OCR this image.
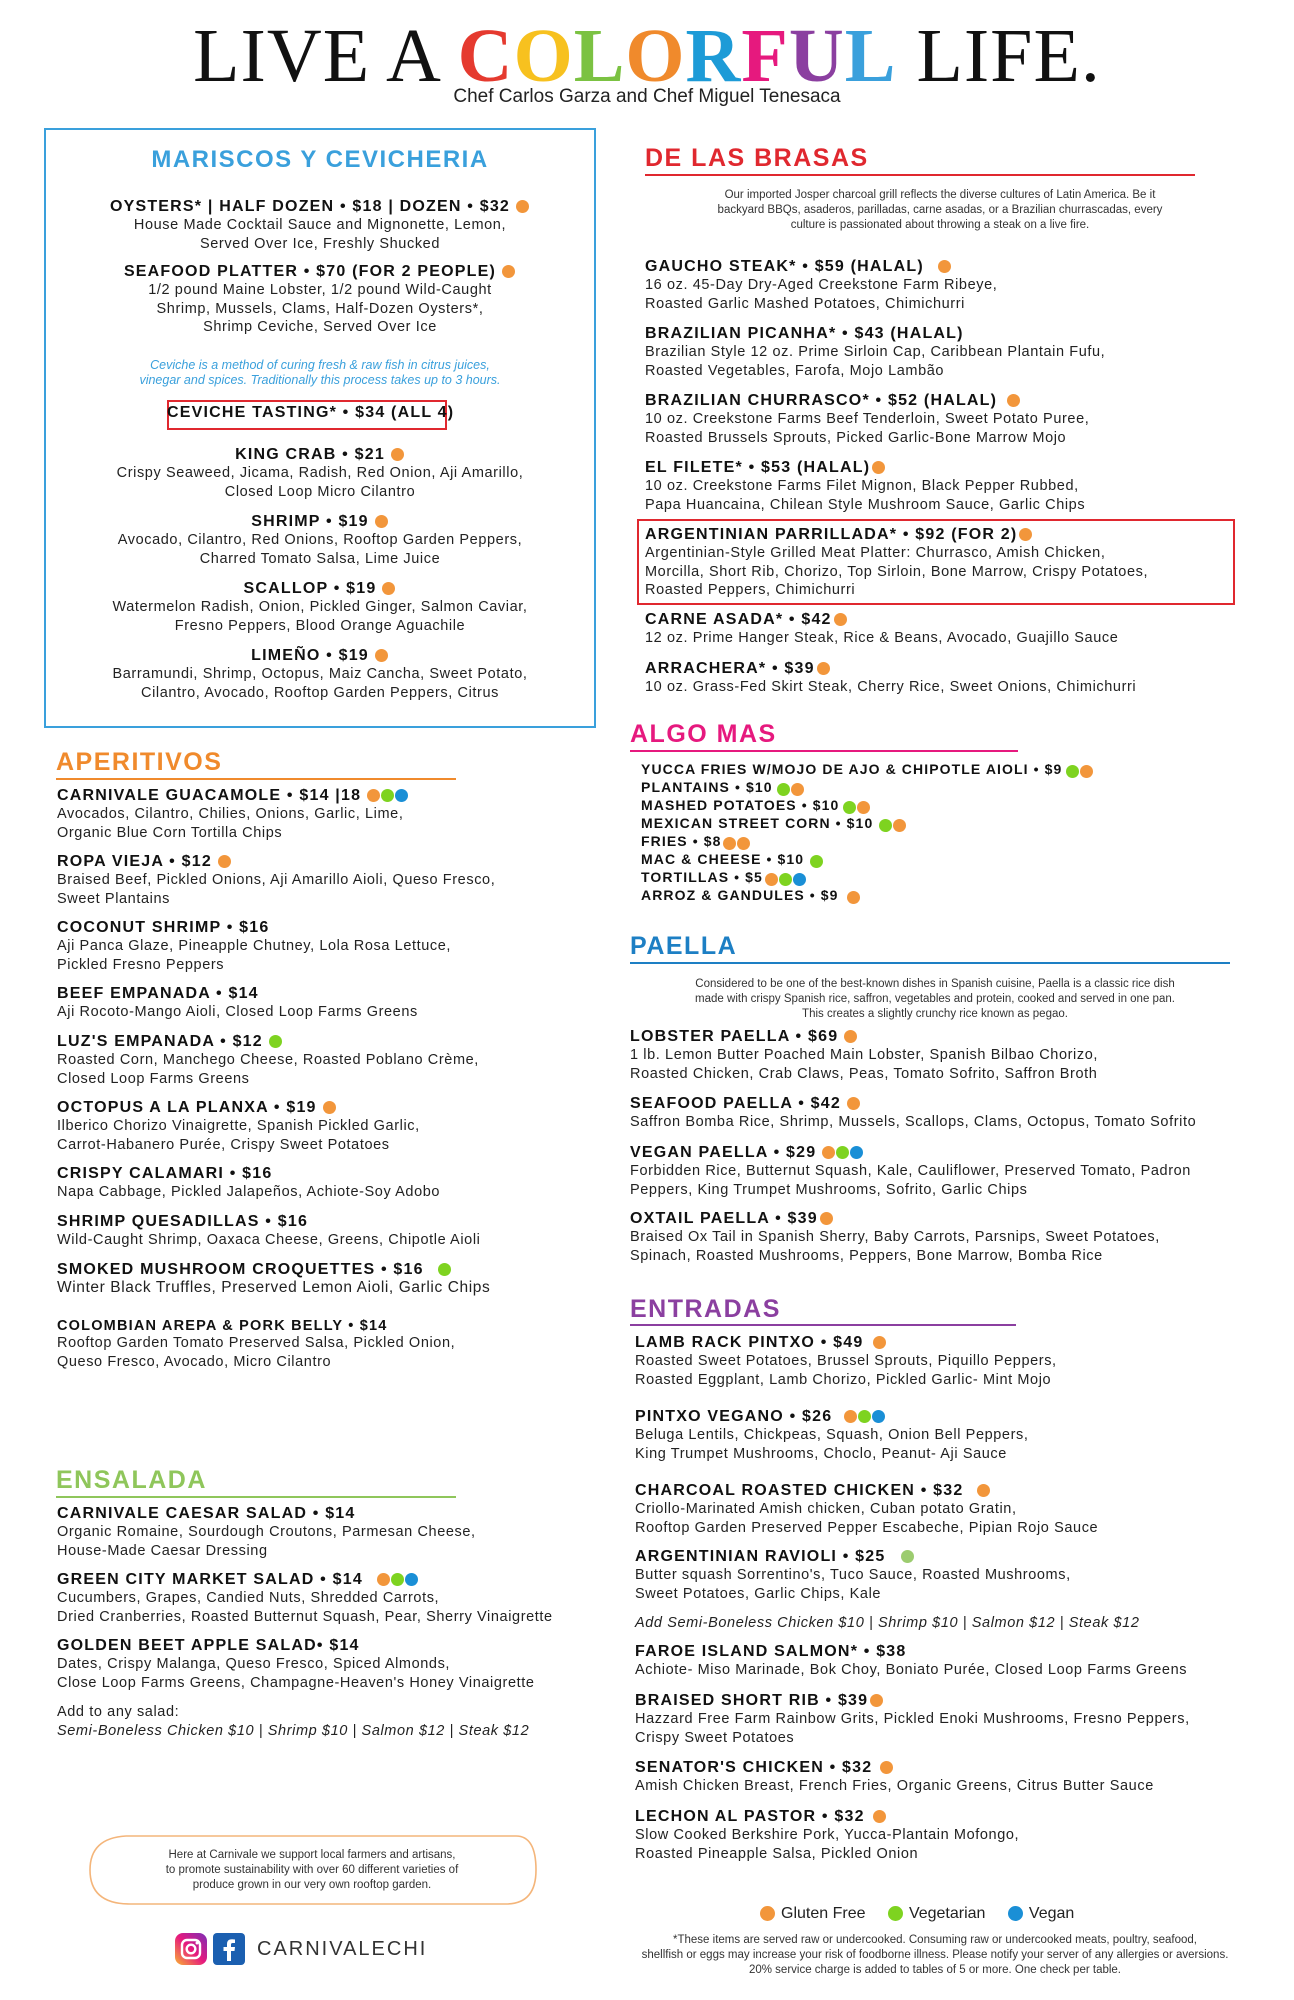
LIVE A COLORFUL LIFE.
Chef Carlos Garza and Chef Miguel Tenesaca
MARISCOS Y CEVICHERIA
OYSTERS* | HALF DOZEN • $18 | DOZEN • $32
House Made Cocktail Sauce and Mignonette, Lemon,
Served Over Ice, Freshly Shucked
SEAFOOD PLATTER • $70 (FOR 2 PEOPLE)
1/2 pound Maine Lobster, 1/2 pound Wild-Caught
Shrimp, Mussels, Clams, Half-Dozen Oysters*,
Shrimp Ceviche, Served Over Ice
Ceviche is a method of curing fresh & raw fish in citrus juices,
vinegar and spices. Traditionally this process takes up to 3 hours.
CEVICHE TASTING* • $34 (ALL 4)
KING CRAB • $21
Crispy Seaweed, Jicama, Radish, Red Onion, Aji Amarillo,
Closed Loop Micro Cilantro
SHRIMP • $19
Avocado, Cilantro, Red Onions, Rooftop Garden Peppers,
Charred Tomato Salsa, Lime Juice
SCALLOP • $19
Watermelon Radish, Onion, Pickled Ginger, Salmon Caviar,
Fresno Peppers, Blood Orange Aguachile
LIMEÑO • $19
Barramundi, Shrimp, Octopus, Maiz Cancha, Sweet Potato,
Cilantro, Avocado, Rooftop Garden Peppers, Citrus
APERITIVOS
CARNIVALE GUACAMOLE • $14 |18
Avocados, Cilantro, Chilies, Onions, Garlic, Lime,
Organic Blue Corn Tortilla Chips
ROPA VIEJA • $12
Braised Beef, Pickled Onions, Aji Amarillo Aioli, Queso Fresco,
Sweet Plantains
COCONUT SHRIMP • $16
Aji Panca Glaze, Pineapple Chutney, Lola Rosa Lettuce,
Pickled Fresno Peppers
BEEF EMPANADA • $14
Aji Rocoto-Mango Aioli, Closed Loop Farms Greens
LUZ'S EMPANADA • $12
Roasted Corn, Manchego Cheese, Roasted Poblano Crème,
Closed Loop Farms Greens
OCTOPUS A LA PLANXA • $19
Ilberico Chorizo Vinaigrette, Spanish Pickled Garlic,
Carrot-Habanero Purée, Crispy Sweet Potatoes
CRISPY CALAMARI • $16
Napa Cabbage, Pickled Jalapeños, Achiote-Soy Adobo
SHRIMP QUESADILLAS • $16
Wild-Caught Shrimp, Oaxaca Cheese, Greens, Chipotle Aioli
SMOKED MUSHROOM CROQUETTES • $16
Winter Black Truffles, Preserved Lemon Aioli, Garlic Chips
COLOMBIAN AREPA & PORK BELLY • $14
Rooftop Garden Tomato Preserved Salsa, Pickled Onion,
Queso Fresco, Avocado, Micro Cilantro
ENSALADA
CARNIVALE CAESAR SALAD • $14
Organic Romaine, Sourdough Croutons, Parmesan Cheese,
House-Made Caesar Dressing
GREEN CITY MARKET SALAD • $14
Cucumbers, Grapes, Candied Nuts, Shredded Carrots,
Dried Cranberries, Roasted Butternut Squash, Pear, Sherry Vinaigrette
GOLDEN BEET APPLE SALAD• $14
Dates, Crispy Malanga, Queso Fresco, Spiced Almonds,
Close Loop Farms Greens, Champagne-Heaven's Honey Vinaigrette
Add to any salad:
Semi-Boneless Chicken $10 | Shrimp $10 | Salmon $12 | Steak $12
Here at Carnivale we support local farmers and artisans,
to promote sustainability with over 60 different varieties of
produce grown in our very own rooftop garden.
CARNIVALECHI
DE LAS BRASAS
Our imported Josper charcoal grill reflects the diverse cultures of Latin America. Be it
backyard BBQs, asaderos, parilladas, carne asadas, or a Brazilian churrascadas, every
culture is passionated about throwing a steak on a live fire.
GAUCHO STEAK* • $59 (HALAL)
16 oz. 45-Day Dry-Aged Creekstone Farm Ribeye,
Roasted Garlic Mashed Potatoes, Chimichurri
BRAZILIAN PICANHA* • $43 (HALAL)
Brazilian Style 12 oz. Prime Sirloin Cap, Caribbean Plantain Fufu,
Roasted Vegetables, Farofa, Mojo Lambão
BRAZILIAN CHURRASCO* • $52 (HALAL)
10 oz. Creekstone Farms Beef Tenderloin, Sweet Potato Puree,
Roasted Brussels Sprouts, Picked Garlic-Bone Marrow Mojo
EL FILETE* • $53 (HALAL)
10 oz. Creekstone Farms Filet Mignon, Black Pepper Rubbed,
Papa Huancaina, Chilean Style Mushroom Sauce, Garlic Chips
ARGENTINIAN PARRILLADA* • $92 (FOR 2)
Argentinian-Style Grilled Meat Platter: Churrasco, Amish Chicken,
Morcilla, Short Rib, Chorizo, Top Sirloin, Bone Marrow, Crispy Potatoes,
Roasted Peppers, Chimichurri
CARNE ASADA* • $42
12 oz. Prime Hanger Steak, Rice & Beans, Avocado, Guajillo Sauce
ARRACHERA* • $39
10 oz. Grass-Fed Skirt Steak, Cherry Rice, Sweet Onions, Chimichurri
ALGO MAS
YUCCA FRIES W/MOJO DE AJO & CHIPOTLE AIOLI • $9
PLANTAINS • $10
MASHED POTATOES • $10
MEXICAN STREET CORN • $10
FRIES • $8
MAC & CHEESE • $10
TORTILLAS • $5
ARROZ & GANDULES • $9
PAELLA
Considered to be one of the best-known dishes in Spanish cuisine, Paella is a classic rice dish
made with crispy Spanish rice, saffron, vegetables and protein, cooked and served in one pan.
This creates a slightly crunchy rice known as pegao.
LOBSTER PAELLA • $69
1 lb. Lemon Butter Poached Main Lobster, Spanish Bilbao Chorizo,
Roasted Chicken, Crab Claws, Peas, Tomato Sofrito, Saffron Broth
SEAFOOD PAELLA • $42
Saffron Bomba Rice, Shrimp, Mussels, Scallops, Clams, Octopus, Tomato Sofrito
VEGAN PAELLA • $29
Forbidden Rice, Butternut Squash, Kale, Cauliflower, Preserved Tomato, Padron
Peppers, King Trumpet Mushrooms, Sofrito, Garlic Chips
OXTAIL PAELLA • $39
Braised Ox Tail in Spanish Sherry, Baby Carrots, Parsnips, Sweet Potatoes,
Spinach, Roasted Mushrooms, Peppers, Bone Marrow, Bomba Rice
ENTRADAS
LAMB RACK PINTXO • $49
Roasted Sweet Potatoes, Brussel Sprouts, Piquillo Peppers,
Roasted Eggplant, Lamb Chorizo, Pickled Garlic- Mint Mojo
PINTXO VEGANO • $26
Beluga Lentils, Chickpeas, Squash, Onion Bell Peppers,
King Trumpet Mushrooms, Choclo, Peanut- Aji Sauce
CHARCOAL ROASTED CHICKEN • $32
Criollo-Marinated Amish chicken, Cuban potato Gratin,
Rooftop Garden Preserved Pepper Escabeche, Pipian Rojo Sauce
ARGENTINIAN RAVIOLI • $25
Butter squash Sorrentino's, Tuco Sauce, Roasted Mushrooms,
Sweet Potatoes, Garlic Chips, Kale
Add Semi-Boneless Chicken $10 | Shrimp $10 | Salmon $12 | Steak $12
FAROE ISLAND SALMON* • $38
Achiote- Miso Marinade, Bok Choy, Boniato Purée, Closed Loop Farms Greens
BRAISED SHORT RIB • $39
Hazzard Free Farm Rainbow Grits, Pickled Enoki Mushrooms, Fresno Peppers,
Crispy Sweet Potatoes
SENATOR'S CHICKEN • $32
Amish Chicken Breast, French Fries, Organic Greens, Citrus Butter Sauce
LECHON AL PASTOR • $32
Slow Cooked Berkshire Pork, Yucca-Plantain Mofongo,
Roasted Pineapple Salsa, Pickled Onion
Gluten Free	Vegetarian	Vegan
*These items are served raw or undercooked. Consuming raw or undercooked meats, poultry, seafood,
shellfish or eggs may increase your risk of foodborne illness. Please notify your server of any allergies or aversions.
20% service charge is added to tables of 5 or more. One check per table.
